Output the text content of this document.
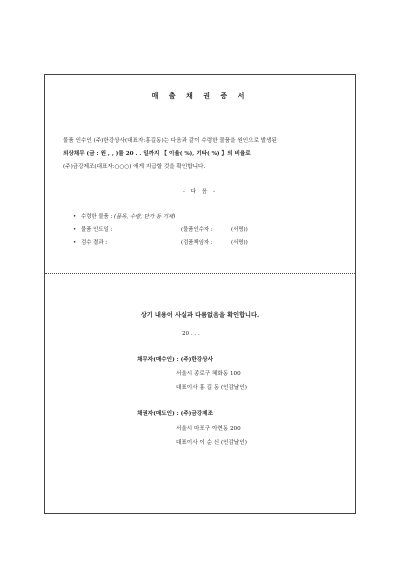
매 출 채 권 증 서
물품 인수인 (주)한강상사(대표자:홍길동)는 다음과 같이 수령한 물품을 원인으로 발생된
외상채무 (금 : 원 , , )를 20 . . 일까지 【 이율( %), 기타( %) 】의 비율로
(주)금강제조(대표자:○○○) 에게 지급할 것을 확인합니다.
- 다 음 -
• 수령한 물품 : (품목, 수량, 단가 등 기재)
• 물품 인도일 :	(물품인수자 :	(서명))
• 검수 결과 :	(검품책임자 :	(서명))
상기 내용이 사실과 다름없음을 확인합니다.
20 . . .
채무자(매수인) : (주)한강상사
서울시 종로구 혜화동 100
대표이사 홍 길 동 (인감날인)
채권자(매도인) : (주)금강제조
서울시 마포구 아현동 200
대표이사 이 순 신 (인감날인)
